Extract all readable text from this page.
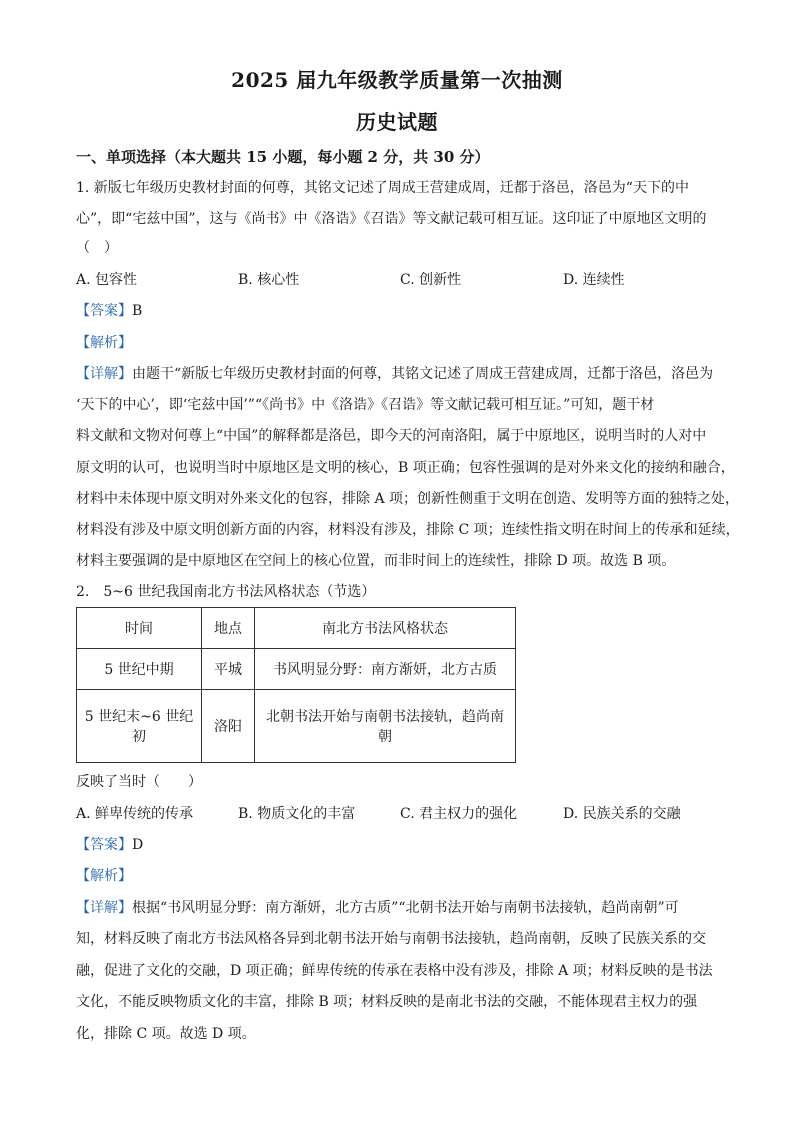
2025 届九年级教学质量第一次抽测
历史试题
一、单项选择（本大题共 15 小题，每小题 2 分，共 30 分）
1. 新版七年级历史教材封面的何尊，其铭文记述了周成王营建成周，迁都于洛邑，洛邑为“天下的中
心”，即“宅兹中国”，这与《尚书》中《洛诰》《召诰》等文献记载可相互证。这印证了中原地区文明的
（　）
A. 包容性	B. 核心性	C. 创新性	D. 连续性
【答案】B
【解析】
【详解】由题干“新版七年级历史教材封面的何尊，其铭文记述了周成王营建成周，迁都于洛邑，洛邑为
‘天下的中心’，即‘宅兹中国’”“《尚书》中《洛诰》《召诰》等文献记载可相互证。”可知，题干材
料文献和文物对何尊上“中国”的解释都是洛邑，即今天的河南洛阳，属于中原地区，说明当时的人对中
原文明的认可，也说明当时中原地区是文明的核心，B 项正确；包容性强调的是对外来文化的接纳和融合，
材料中未体现中原文明对外来文化的包容，排除 A 项；创新性侧重于文明在创造、发明等方面的独特之处，
材料没有涉及中原文明创新方面的内容，材料没有涉及，排除 C 项；连续性指文明在时间上的传承和延续，
材料主要强调的是中原地区在空间上的核心位置，而非时间上的连续性，排除 D 项。故选 B 项。
2.　5~6 世纪我国南北方书法风格状态（节选）
时间	地点	南北方书法风格状态
5 世纪中期	平城	书风明显分野：南方渐妍，北方古质
5 世纪末~6 世纪
初	洛阳	北朝书法开始与南朝书法接轨，趋尚南朝
反映了当时（　　）
A. 鲜卑传统的传承	B. 物质文化的丰富	C. 君主权力的强化	D. 民族关系的交融
【答案】D
【解析】
【详解】根据“书风明显分野：南方渐妍，北方古质”“北朝书法开始与南朝书法接轨，趋尚南朝”可
知，材料反映了南北方书法风格各异到北朝书法开始与南朝书法接轨，趋尚南朝，反映了民族关系的交
融，促进了文化的交融，D 项正确；鲜卑传统的传承在表格中没有涉及，排除 A 项；材料反映的是书法
文化，不能反映物质文化的丰富，排除 B 项；材料反映的是南北书法的交融，不能体现君主权力的强
化，排除 C 项。故选 D 项。
